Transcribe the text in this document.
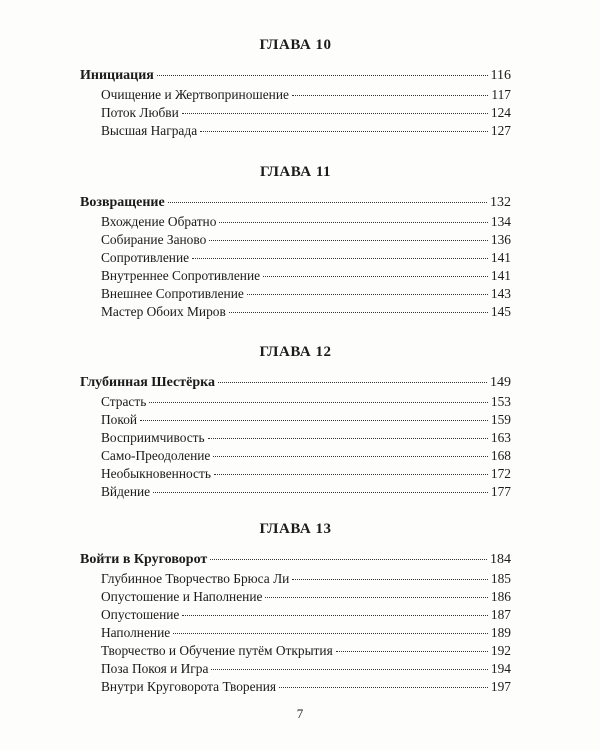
ГЛАВА 10
Инициация	116
Очищение и Жертвоприношение	117
Поток Любви	124
Высшая Награда	127
ГЛАВА 11
Возвращение	132
Вхождение Обратно	134
Собирание Заново	136
Сопротивление	141
Внутреннее Сопротивление	141
Внешнее Сопротивление	143
Мастер Обоих Миров	145
ГЛАВА 12
Глубинная Шестёрка	149
Страсть	153
Покой	159
Восприимчивость	163
Само-Преодоление	168
Необыкновенность	172
Вйдение	177
ГЛАВА 13
Войти в Круговорот	184
Глубинное Творчество Брюса Ли	185
Опустошение и Наполнение	186
Опустошение	187
Наполнение	189
Творчество и Обучение путём Открытия	192
Поза Покоя и Игра	194
Внутри Круговорота Творения	197
7
